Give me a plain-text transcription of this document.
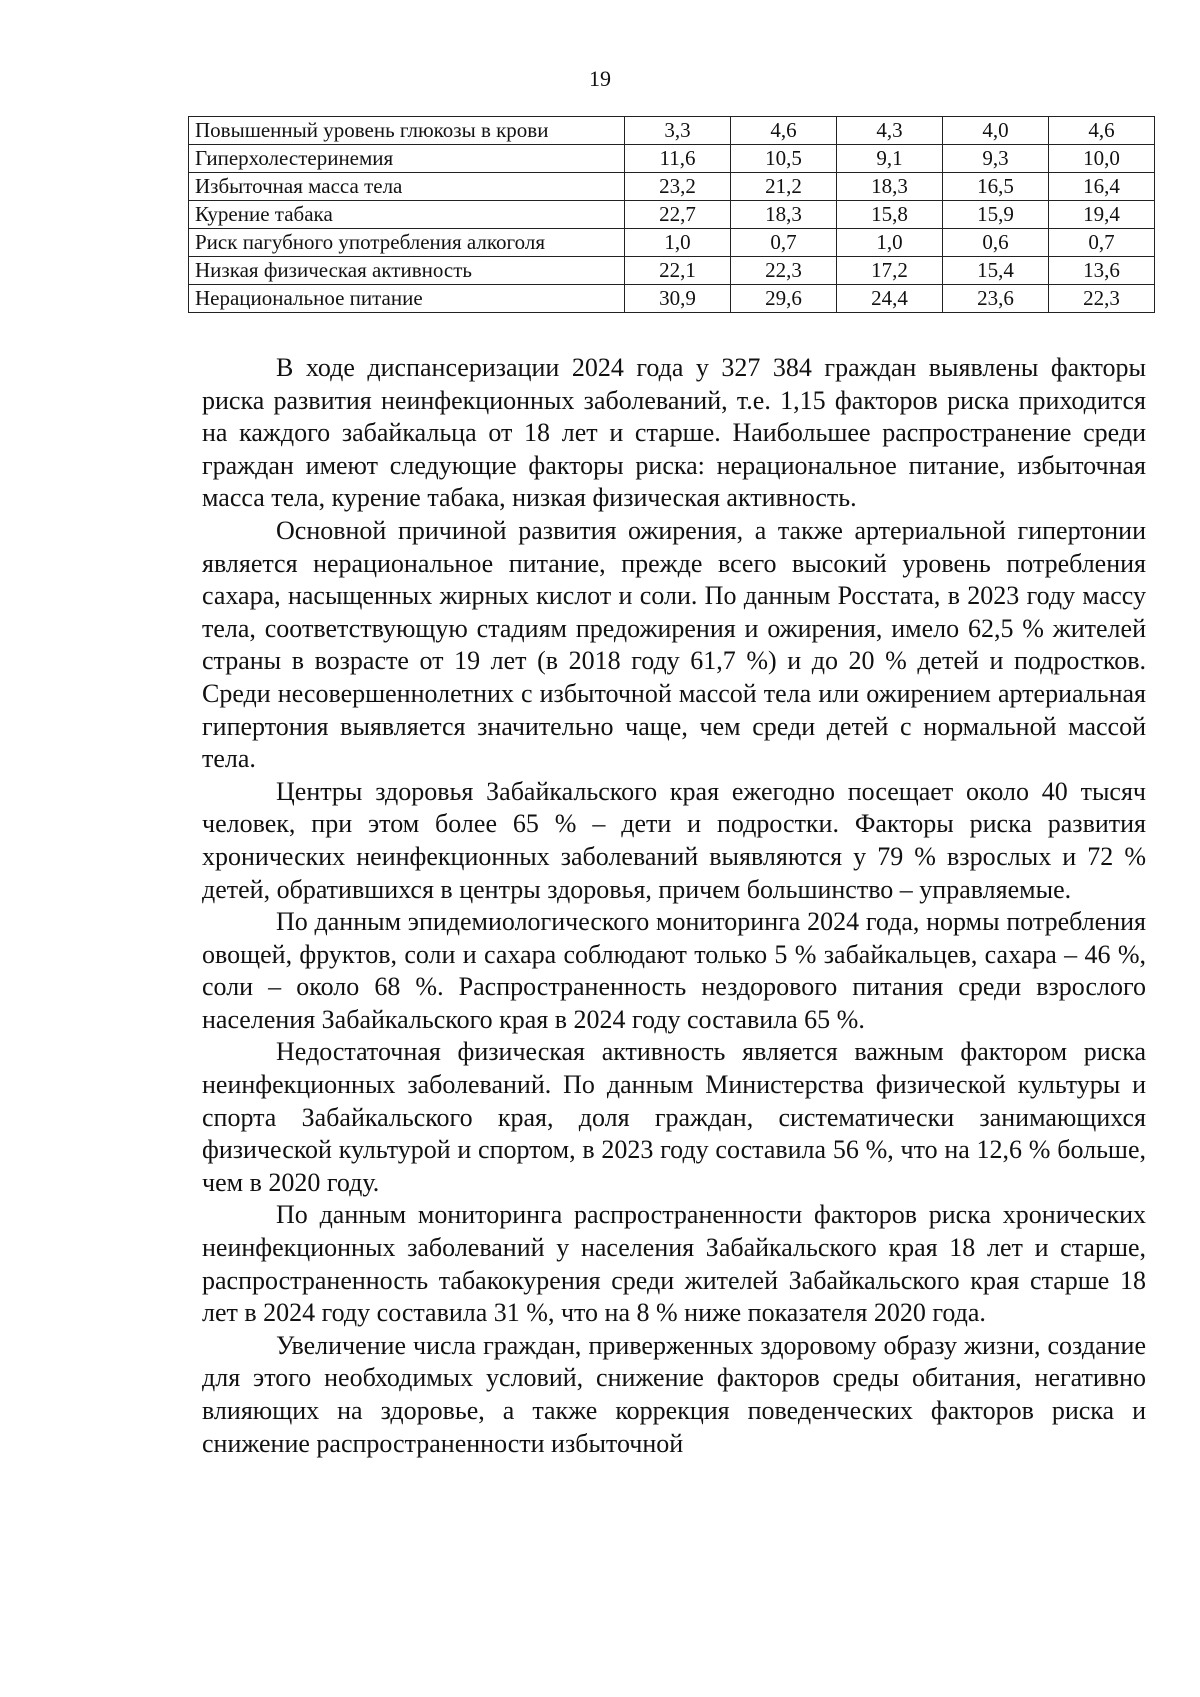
19
Повышенный уровень глюкозы в крови	3,3	4,6	4,3	4,0	4,6
Гиперхолестеринемия	11,6	10,5	9,1	9,3	10,0
Избыточная масса тела	23,2	21,2	18,3	16,5	16,4
Курение табака	22,7	18,3	15,8	15,9	19,4
Риск пагубного употребления алкоголя	1,0	0,7	1,0	0,6	0,7
Низкая физическая активность	22,1	22,3	17,2	15,4	13,6
Нерациональное питание	30,9	29,6	24,4	23,6	22,3

В ходе диспансеризации 2024 года у 327 384 граждан выявлены факторы риска развития неинфекционных заболеваний, т.е. 1,15 факторов риска приходится на каждого забайкальца от 18 лет и старше. Наибольшее распространение среди граждан имеют следующие факторы риска: нерациональное питание, избыточная масса тела, курение табака, низкая физическая активность.

Основной причиной развития ожирения, а также артериальной гипертонии является нерациональное питание, прежде всего высокий уровень потребления сахара, насыщенных жирных кислот и соли. По данным Росстата, в 2023 году массу тела, соответствующую стадиям предожирения и ожирения, имело 62,5 % жителей страны в возрасте от 19 лет (в 2018 году 61,7 %) и до 20 % детей и подростков. Среди несовершеннолетних с избыточной массой тела или ожирением артериальная гипертония выявляется значительно чаще, чем среди детей с нормальной массой тела.

Центры здоровья Забайкальского края ежегодно посещает около 40 тысяч человек, при этом более 65 % – дети и подростки. Факторы риска развития хронических неинфекционных заболеваний выявляются у 79 % взрослых и 72 % детей, обратившихся в центры здоровья, причем большинство – управляемые.

По данным эпидемиологического мониторинга 2024 года, нормы потребления овощей, фруктов, соли и сахара соблюдают только 5 % забайкальцев, сахара – 46 %, соли – около 68 %. Распространенность нездорового питания среди взрослого населения Забайкальского края в 2024 году составила 65 %.

Недостаточная физическая активность является важным фактором риска неинфекционных заболеваний. По данным Министерства физической культуры и спорта Забайкальского края, доля граждан, систематически занимающихся физической культурой и спортом, в 2023 году составила 56 %, что на 12,6 % больше, чем в 2020 году.

По данным мониторинга распространенности факторов риска хронических неинфекционных заболеваний у населения Забайкальского края 18 лет и старше, распространенность табакокурения среди жителей Забайкальского края старше 18 лет в 2024 году составила 31 %, что на 8 % ниже показателя 2020 года.

Увеличение числа граждан, приверженных здоровому образу жизни, создание для этого необходимых условий, снижение факторов среды обитания, негативно влияющих на здоровье, а также коррекция поведенческих факторов риска и снижение распространенности избыточной
